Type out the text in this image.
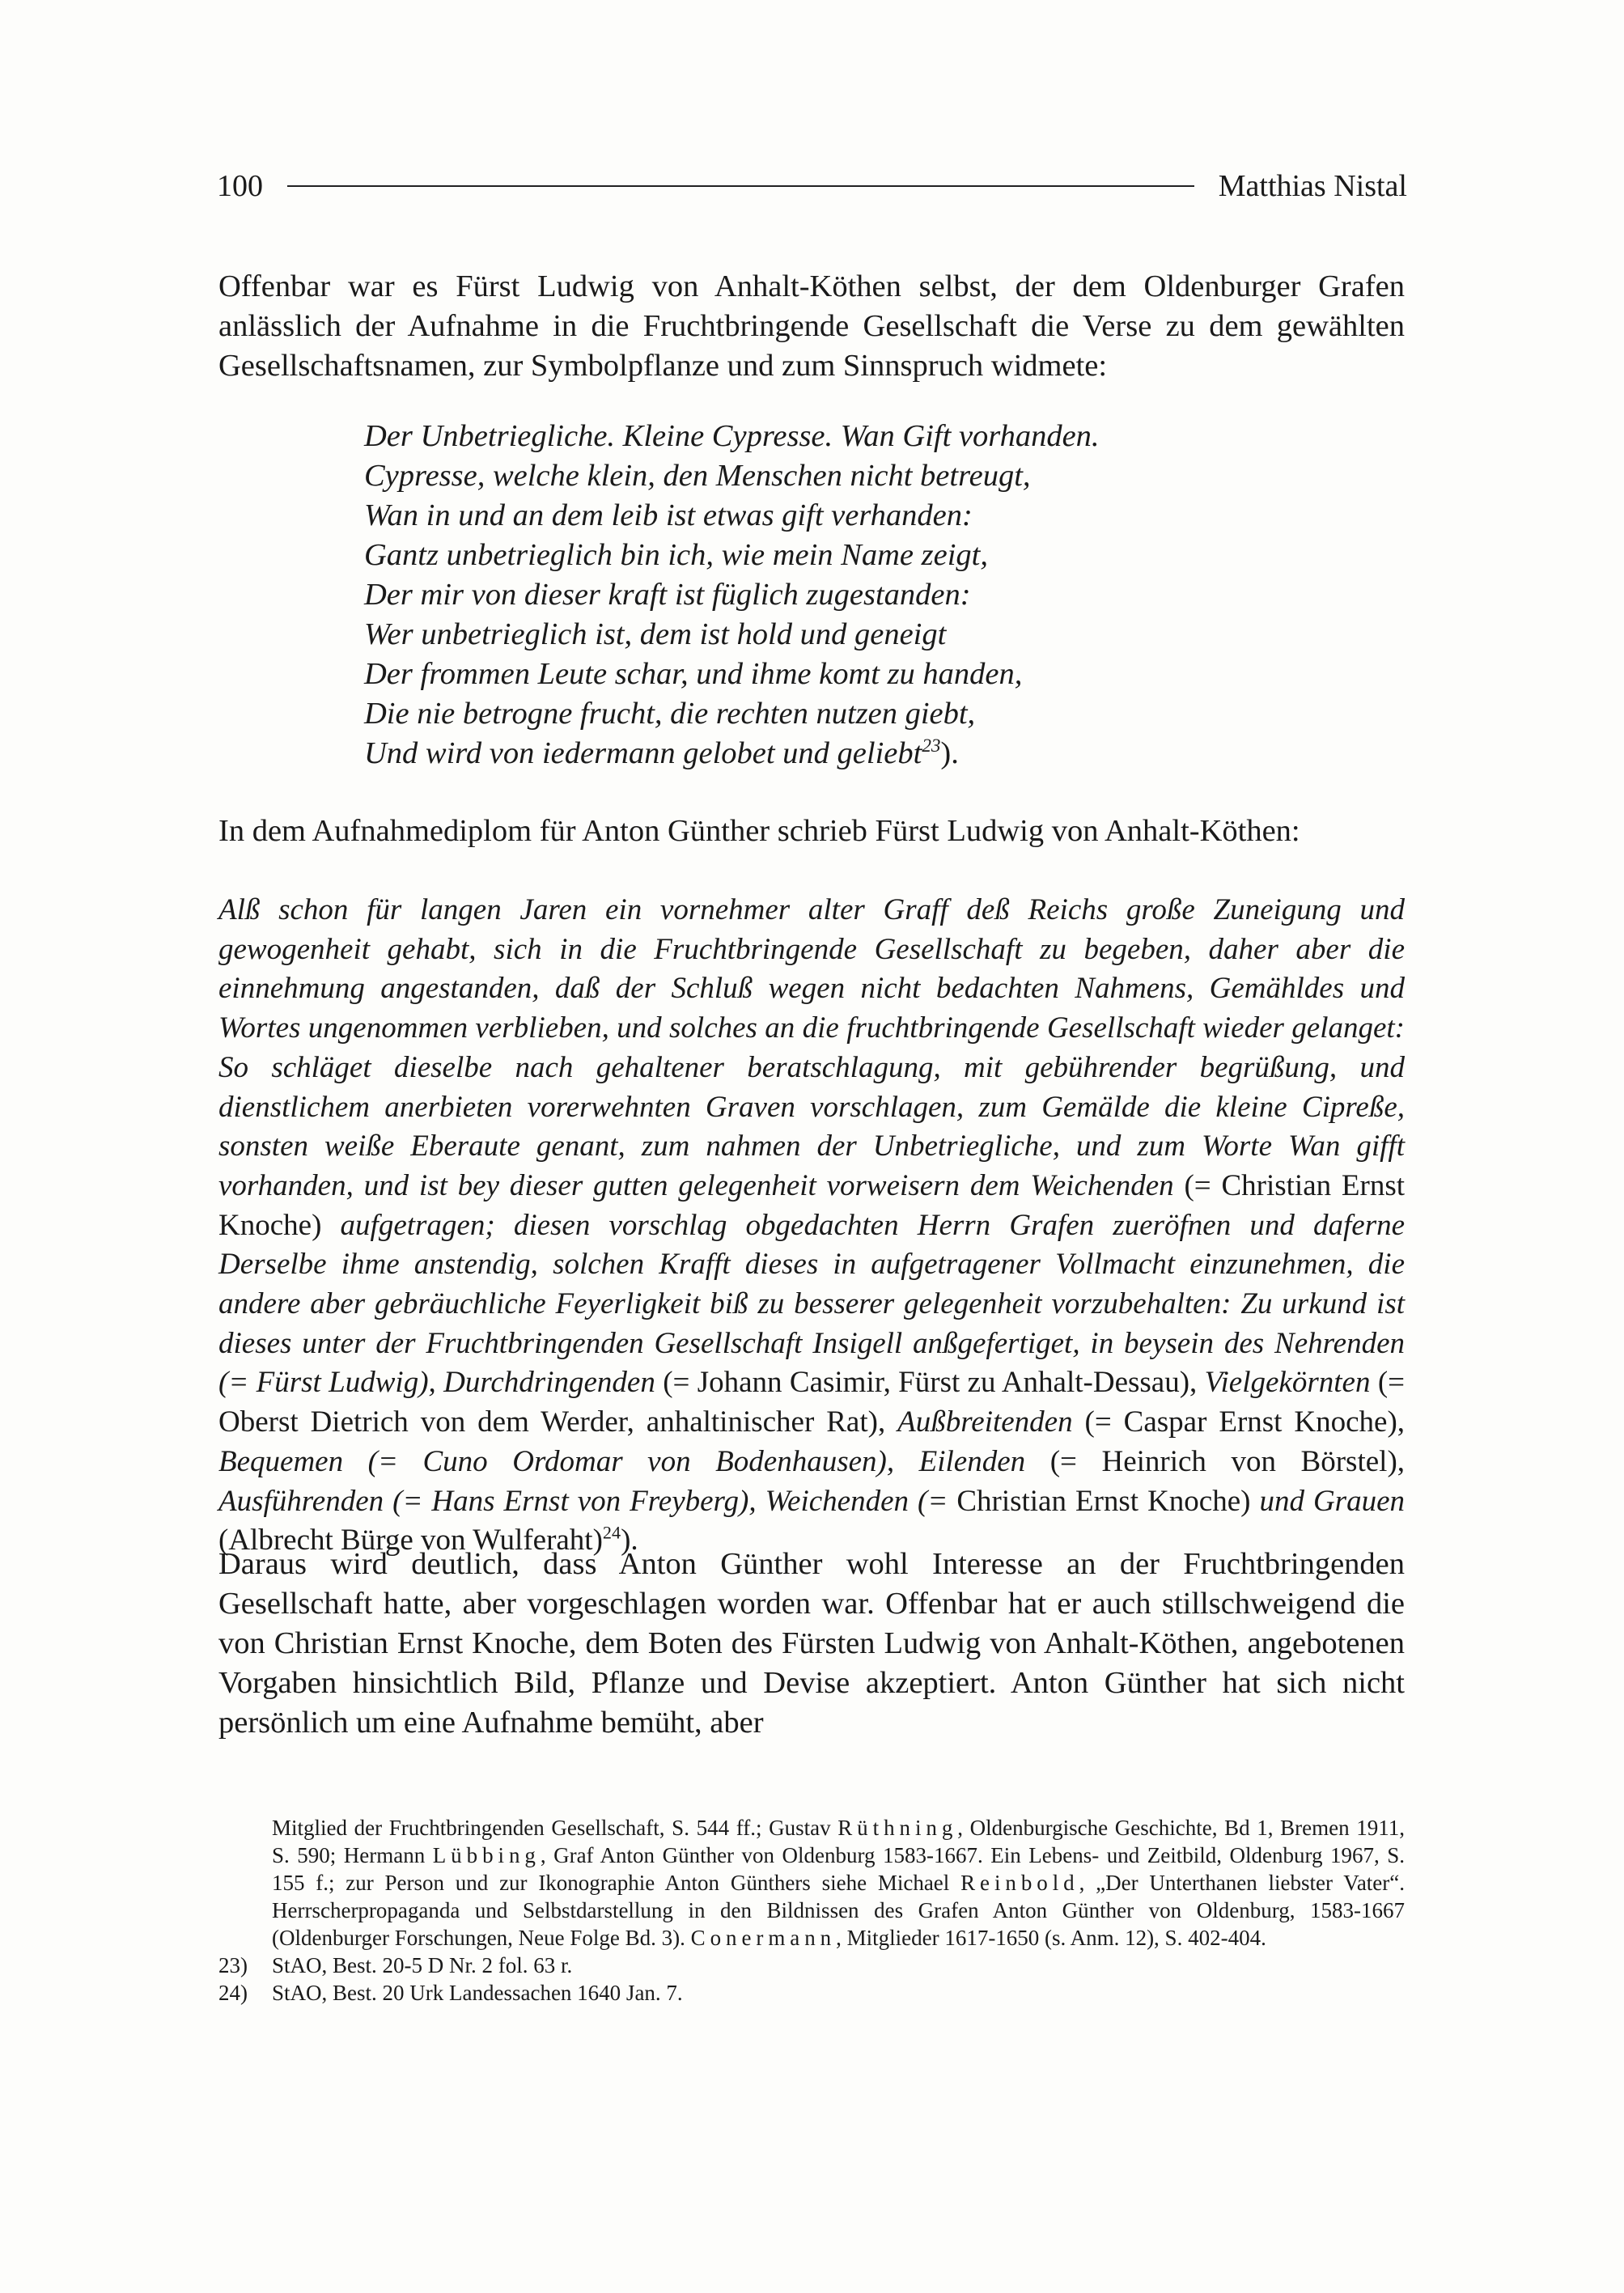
100	Matthias Nistal

Offenbar war es Fürst Ludwig von Anhalt-Köthen selbst, der dem Oldenburger Grafen anlässlich der Aufnahme in die Fruchtbringende Gesellschaft die Verse zu dem gewählten Gesellschaftsnamen, zur Symbolpflanze und zum Sinnspruch widmete:

Der Unbetriegliche. Kleine Cypresse. Wan Gift vorhanden.
Cypresse, welche klein, den Menschen nicht betreugt,
Wan in und an dem leib ist etwas gift verhanden:
Gantz unbetrieglich bin ich, wie mein Name zeigt,
Der mir von dieser kraft ist füglich zugestanden:
Wer unbetrieglich ist, dem ist hold und geneigt
Der frommen Leute schar, und ihme komt zu handen,
Die nie betrogne frucht, die rechten nutzen giebt,
Und wird von iedermann gelobet und geliebt$^{23}$).

In dem Aufnahmediplom für Anton Günther schrieb Fürst Ludwig von Anhalt-Köthen:

Alß schon für langen Jaren ein vornehmer alter Graff deß Reichs große Zuneigung und gewogenheit gehabt, sich in die Fruchtbringende Gesellschaft zu begeben, daher aber die einnehmung angestanden, daß der Schluß wegen nicht bedachten Nahmens, Gemähldes und Wortes ungenommen verblieben, und solches an die fruchtbringende Gesellschaft wieder gelanget: So schläget dieselbe nach gehaltener beratschlagung, mit gebührender begrüßung, und dienstlichem anerbieten vorerwehnten Graven vorschlagen, zum Gemälde die kleine Cipreße, sonsten weiße Eberaute genant, zum nahmen der Unbetriegliche, und zum Worte Wan gifft vorhanden, und ist bey dieser gutten gelegenheit vorweisern dem Weichenden (= Christian Ernst Knoche) aufgetragen; diesen vorschlag obgedachten Herrn Grafen zueröfnen und daferne Derselbe ihme anstendig, solchen Krafft dieses in aufgetragener Vollmacht einzunehmen, die andere aber gebräuchliche Feyerligkeit biß zu besserer gelegenheit vorzubehalten: Zu urkund ist dieses unter der Fruchtbringenden Gesellschaft Insigell anßgefertiget, in beysein des Nehrenden (= Fürst Ludwig), Durchdringenden (= Johann Casimir, Fürst zu Anhalt-Dessau), Vielgekörnten (= Oberst Dietrich von dem Werder, anhaltinischer Rat), Außbreitenden (= Caspar Ernst Knoche), Bequemen (= Cuno Ordomar von Bodenhausen), Eilenden (= Heinrich von Börstel), Ausführenden (= Hans Ernst von Freyberg), Weichenden (= Christian Ernst Knoche) und Grauen (Albrecht Bürge von Wulferaht)$^{24}$).

Daraus wird deutlich, dass Anton Günther wohl Interesse an der Fruchtbringenden Gesellschaft hatte, aber vorgeschlagen worden war. Offenbar hat er auch stillschweigend die von Christian Ernst Knoche, dem Boten des Fürsten Ludwig von Anhalt-Köthen, angebotenen Vorgaben hinsichtlich Bild, Pflanze und Devise akzeptiert. Anton Günther hat sich nicht persönlich um eine Aufnahme bemüht, aber

Mitglied der Fruchtbringenden Gesellschaft, S. 544 ff.; Gustav Rüthning, Oldenburgische Geschichte, Bd 1, Bremen 1911, S. 590; Hermann Lübbing, Graf Anton Günther von Oldenburg 1583-1667. Ein Lebens- und Zeitbild, Oldenburg 1967, S. 155 f.; zur Person und zur Ikonographie Anton Günthers siehe Michael Reinbold, „Der Unterthanen liebster Vater“. Herrscherpropaganda und Selbstdarstellung in den Bildnissen des Grafen Anton Günther von Oldenburg, 1583-1667 (Oldenburger Forschungen, Neue Folge Bd. 3). Conermann, Mitglieder 1617-1650 (s. Anm. 12), S. 402-404.
23)	StAO, Best. 20-5 D Nr. 2 fol. 63 r.
24)	StAO, Best. 20 Urk Landessachen 1640 Jan. 7.
